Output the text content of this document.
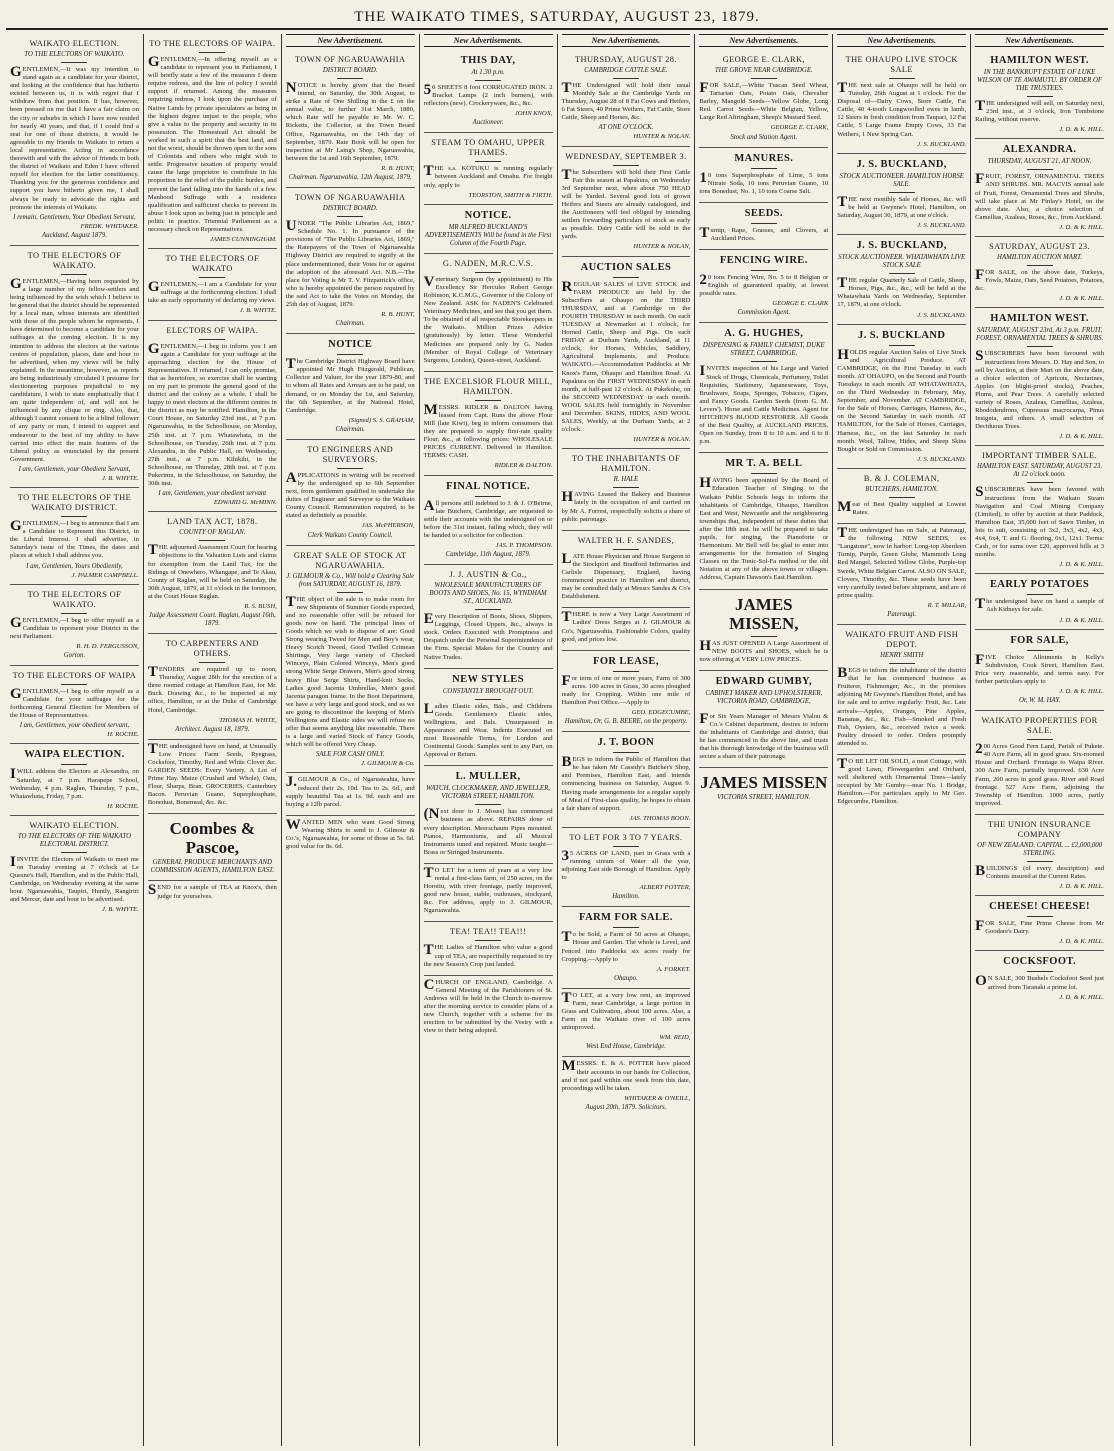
THE WAIKATO TIMES, SATURDAY, AUGUST 23, 1879.
WAIKATO ELECTION.
TO THE ELECTORS OF WAIKATO.

GENTLEMEN,—It was my intention to stand again as a candidate for your district, and looking at the confidence that has hitherto existed between us, it is with regret that I withdraw from that position. It has, however, been pressed on me that I have a fair claim on the city or suburbs in which I have now resided for nearly 40 years, and that, if I could find a seat for one of those districts, it would be agreeable to my friends in Waikato to return a local representative. Acting in accordance therewith and with the advice of friends in both the district of Waikato and Eden I have offered myself for election for the latter constituency. Thanking you for the generous confidence and support you have hitherto given me, I shall always be ready to advocate the rights and promote the interests of Waikato.

I remain, Gentlemen, Your Obedient Servant,

FREDK. WHITAKER.
Auckland, August 1879.
TO THE ELECTORS OF WAIKATO.

GENTLEMEN,—Having been requested by a large number of my fellow-settlers and being influenced by the wish which I believe to be general that the district should be represented by a local man, whose interests are identified with those of the people whom he represents, I have determined to become a candidate for your suffrages at the coming election. It is my intention to address the electors at the various centres of population, places, date and hour to be advertised, when my views will be fully explained. In the meantime, however, as reports are being industriously circulated I presume for electioneering purposes prejudicial to my candidature, I wish to state emphatically that I am quite independent of, and will not be influenced by any clique or ring. Also, that, although I cannot consent to be a blind follower of any party or man, I intend to support and endeavour to the best of my ability to have carried into effect the main features of the Liberal policy as enunciated by the present Government.

I am, Gentlemen, your Obedient Servant,

J. B. WHYTE.
TO THE ELECTORS OF THE WAIKATO DISTRICT.

GENTLEMEN,—I beg to announce that I am a Candidate to Represent this District, in the Liberal Interest. I shall advertise, in Saturday's issue of the Times, the dates and places at which I shall address you.

I am, Gentlemen, Yours Obediently,

J. PALMER CAMPBELL.
TO THE ELECTORS OF WAIKATO.

GENTLEMEN,—I beg to offer myself as a Candidate to represent your District in the next Parliament.

R. H. D. FERGUSSON,
Gorton.
TO THE ELECTORS OF WAIPA

GENTLEMEN,—I beg to offer myself as a Candidate for your suffrages for the forthcoming General Election for Members of the House of Representatives.

I am, Gentlemen, your obedient servant,

H. ROCHE.
WAIPA ELECTION.

IWILL address the Electors at Alexandra, on Saturday, at 7 p.m. Harapepe School, Wednesday, 4 p.m. Raglan, Thursday, 7 p.m., Whatawhata, Friday, 7 p.m.

H. ROCHE.
WAIKATO ELECTION.
TO THE ELECTORS OF THE WAIKATO ELECTORAL DISTRICT.

IINVITE the Electors of Waikato to meet me on Tuesday evening at 7 o'clock at Le Quesne's Hall, Hamilton, and in the Public Hall, Cambridge, on Wednesday evening at the same hour. Ngaruawahia, Taupiri, Huntly, Rangiriri and Mercer, date and hour to be advertised.

J. B. WHYTE.
TO THE ELECTORS OF WAIPA.

GENTLEMEN,—In offering myself as a candidate to represent you in Parliament, I will briefly state a few of the measures I deem require redress, and the line of policy I would support if returned. Among the measures requiring redress, I look upon the purchase of Native Lands by private speculators as being in the highest degree unjust to the people, who give a value to the property and security in its possession. The Homestead Act should be worked in such a spirit that the best land, and not the worst, should be thrown open to the sons of Colonists and others who might wish to settle. Progressive taxation of property would cause the large proprietor to contribute in his proportion to the relief of the public burden, and prevent the land falling into the hands of a few. Manhood Suffrage with a residence qualification and sufficient checks to prevent its abuse I look upon as being just in principle and politic in practice. Triennial Parliament as a necessary check on Representatives.

JAMES CUNNINGHAM.
TO THE ELECTORS OF WAIKATO

GENTLEMEN,—I am a Candidate for your suffrage at the forthcoming election. I shall take an early opportunity of declaring my views.

J. B. WHYTE.
ELECTORS OF WAIPA.

GENTLEMEN,—I beg to inform you I am again a Candidate for your suffrage at the approaching election for the House of Representatives. If returned, I can only promise, that as heretofore, so exercise shall be wanting on my part to promote the general good of the district and the colony as a whole. I shall be happy to meet electors at the different centres in the district as may be notified. Hamilton, in the Court House, on Saturday 23rd inst., at 7 p.m. Ngaruawahia, in the Schoolhouse, on Monday, 25th inst. at 7 p.m. Whatawhata, in the Schoolhouse, on Tuesday, 26th inst. at 7 p.m. Alexandra, in the Public Hall, on Wednesday, 27th inst., at 7 p.m. Kihikihi, in the Schoolhouse, on Thursday, 28th inst. at 7 p.m. Pukerimu, in the Schoolhouse, on Saturday, the 30th inst.

I am, Gentlemen, your obedient servant

EDWARD G. McMINN.
LAND TAX ACT, 1878.
COUNTY OF RAGLAN.

THE adjourned Assessment Court for hearing objections to the Valuation Lists and claims for exemption from the Land Tax, for the Ridings of Onewhero, Whangape, and Te Akau, County of Raglan, will be held on Saturday, the 30th August, 1879, at 11 o'clock in the forenoon, at the Court House Raglan.

R. S. BUSH,
Judge Assessment Court. Raglan, August 16th, 1879.
TO CARPENTERS AND OTHERS.

TENDERS are required up to noon, Thursday, August 28th for the erection of a three roomed cottage at Hamilton East, for Mr. Buck. Drawing &c., to be inspected at my office, Hamilton, or at the Duke of Cambridge Hotel, Cambridge.

THOMAS H. WHITE,
Architect. August 18, 1879.

THE undersigned have on hand, at Unusually Low Prices: Farm Seeds, Ryegrass, Cocksfoot, Timothy, Red and White Clover &c. GARDEN SEEDS: Every Variety. A Lot of Prime Hay. Maize (Crushed and Whole), Oats, Flour, Sharps, Bran. GROCERIES, Canterbury Bacon. Peruvian Guano, Superphosphate, Bonedust, Bonemeal, &c. &c.

Coombes & Pascoe,
GENERAL PRODUCE MERCHANTS AND COMMISSION AGENTS, HAMILTON EAST.

SEND for a sample of TEA at Knox's, then judge for yourselves.

New Advertisement.
TOWN OF NGARUAWAHIA
DISTRICT BOARD.

NOTICE is hereby given that the Board intend, on Saturday, the 30th August, to strike a Rate of One Shilling in the £ on the annual value, to further 31st March, 1880, which Rate will be payable to Mr. W. C. Ricketts, the Collector, at the Town Board Office, Ngaruawahia, on the 14th day of September, 1879. Rate Book will be open for inspection at Mr Laing's Shop, Ngaruawahia, between the 1st and 16th September, 1879.

R. B. HUNT,
Chairman. Ngaruawahia, 12th August, 1879.
TOWN OF NGARUAWAHIA
DISTRICT BOARD.

UNDER "The Public Libraries Act, 1869," Schedule No. 1. In pursuance of the provisions of "The Public Libraries Act, 1869," the Ratepayers of the Town of Ngaruawahia Highway District are required to signify at the place undermentioned, their Votes for or against the adoption of the aforesaid Act. N.B.—The place for Voting is Mr T. V. Fitzpatrick's office, who is hereby appointed the person required by the said Act to take the Votes on Monday, the 25th day of August, 1879.

R. B. HUNT,
Chairman.
NOTICE

The Cambridge District Highway Board have appointed Mr Hugh Fitzgerald, Publican, Collector and Valuer, for the year 1879-80, and to whom all Rates and Arrears are to be paid, on demand, or on Monday the 1st, and Saturday, the 6th September, at the National Hotel, Cambridge.

(Signed) S. S. GRAHAM,
Chairman.
TO ENGINEERS AND SURVEYORS.

APPLICATIONS in writing will be received by the undersigned up to 6th September next, from gentlemen qualified to undertake the duties of Engineer and Surveyor to the Waikato County Council. Remuneration required, to be stated as definitely as possible.

JAS. McPHERSON,
Clerk Waikato County Council.
GREAT SALE OF STOCK AT NGARUAWAHIA.
J. GILMOUR & Co., Will hold a Clearing Sale from SATURDAY, AUGUST 16, 1879.

THE object of the sale is to make room for new Shipments of Summer Goods expected, and no reasonable offer will be refused for goods now on hand. The principal lines of Goods which we wish to dispose of are: Good Strong wearing Tweed for Men and Boy's wear, Heavy Scotch Tweed, Good Twilled Crimean Shirtings, Very large variety of Checked Winceys, Plain Colored Winceys, Men's good strong White Serge Drawers, Men's good strong heavy Blue Serge Shirts, Hand-knit Socks, Ladies good Jacenta Umbrellas, Men's good Jacenta paragon frame. In the Boot Department, we have a very large and good stock, and as we are going to discontinue the keeping of Men's Wellingtons and Elastic sides we will refuse no offer that seems anything like reasonable. There is a large and varied Stock of Fancy Goods, which will be offered Very Cheap.

SALE FOR CASH ONLY.

J. GILMOUR & Co.

J.GILMOUR & Co., of Ngaruawahia, have reduced their 2s. 10d. Tea to 2s. 6d., and supply beautiful Tea at 1s. 9d. each and are buying a 12lb parcel.

WANTED MEN who want Good Strong Wearing Shirts to send to J. Gilmour & Co.'s, Ngaruawahia, for some of those at 5s. 6d. good value for 8s. 6d.

New Advertisements.
THIS DAY,
At 1.30 p.m.

50 SHEETS 8 foot CORRUGATED IRON. 2 Bracket Lamps (2 inch burners), with reflectors (new). Crockeryware, &c., &c.

JOHN KNOX,
Auctioneer.
STEAM TO OMAHU, UPPER THAMES.

THE s.s. KOTUKU is running regularly between Auckland and Omahu. For freight only, apply to

TEORSTON, SMITH & FIRTH.
NOTICE.
MR ALFRED BUCKLAND'S ADVERTISEMENTS Will be found in the First Column of the Fourth Page.
G. NADEN, M.R.C.V.S.

Veterinary Surgeon (by appointment) to His Excellency Sir Hercules Robert George Robinson, K.C.M.G., Governor of the Colony of New Zealand. ASK for NADEN'S Celebrated Veterinary Medicines, and see that you get them. To be obtained of all respectable Storekeepers in the Waikato. Million Prizes Advice (gratuitously) by letter. These Wonderful Medicines are prepared only by G. Naden (Member of Royal College of Veterinary Surgeons, London), Queen-street, Auckland.

THE EXCELSIOR FLOUR MILL, HAMILTON.

MESSRS. RIDLER & DALTON having leased from Capt. Runs the above Flour Mill (late Kiwi), beg to inform consumers that they are prepared to supply first-rate quality Flour, &c., at following prices: WHOLESALE PRICES CURRENT. Delivered in Hamilton. TERMS: CASH.

RIDLER & DALTON.
FINAL NOTICE.

All persons still indebted to J. & J. O'Beirne, late Butchers, Cambridge, are requested to settle their accounts with the undersigned on or before the 31st instant, failing which, they will be handed to a solicitor for collection.

JAS. P. THOMPSON.
Cambridge, 11th August, 1879.
J. J. AUSTIN & Co.,
WHOLESALE MANUFACTURERS OF BOOTS AND SHOES, No. 15, WYNDHAM ST., AUCKLAND.

Every Description of Boots, Shoes, Slippers, Leggings, Closed Uppers, &c., always in stock. Orders Executed with Promptness and Despatch under the Personal Superintendence of the Firm. Special Makes for the Country and Native Trades.

NEW STYLES
CONSTANTLY BROUGHT OUT.

Ladies Elastic sides, Bals., and Childrens Goods. Gentlemen's Elastic sides, Wellingtons, and Bals. Unsurpassed in Appearance and Wear. Indents Executed on most Reasonable Terms, for London and Continental Goods. Samples sent to any Part, on Approval or Return.

L. MULLER,
WATCH, CLOCKMAKER, AND JEWELLER, VICTORIA STREET, HAMILTON.

(Next door to J. Moses) has commenced business as above. REPAIRS done of every description. Meerschaum Pipes mounted. Pianos, Harmoniums, and all Musical Instruments tuned and repaired. Music taught—Brass or Stringed Instruments.

TO LET for a term of years at a very low rental a first-class farm, of 250 acres, on the Horotiu, with river frontage, partly improved, good new house, stable, outhouses, stockyard, &c. For address, apply to J. GILMOUR, Ngaruawahia.

TEA! TEA!! TEA!!!

THE Ladies of Hamilton who value a good cup of TEA, are respectfully requested to try the new Season's Crop just landed.

CHURCH OF ENGLAND, Cambridge. A General Meeting of the Parishioners of St. Andrews will be held in the Church to-morrow after the morning service to consider plans of a new Church, together with a scheme for its erection to be submitted by the Vestry with a view to their being adopted.

New Advertisements.
THURSDAY, AUGUST 28.
CAMBRIDGE CATTLE SALE.

THE Undersigned will hold their usual Monthly Sale at the Cambridge Yards on Thursday, August 28 of 8 Fat Cows and Heifers, 6 Fat Steers, 40 Prime Wethers, Fat Cattle, Store Cattle, Sheep and Horses, &c.

AT ONE O'CLOCK.

HUNTER & NOLAN.
WEDNESDAY, SEPTEMBER 3.

The Subscribers will hold their First Cattle Fair this season at Papakura, on Wednesday 3rd September next, when about 750 HEAD will be Yarded. Several good lots of grown Heifers and Steers are already catalogued, and the Auctioneers will feel obliged by intending settlers forwarding particulars of stock as early as possible. Dairy Cattle will be sold in the yards.

HUNTER & NOLAN,
AUCTION SALES

REGULAR SALES of LIVE STOCK and FARM PRODUCE are held by the Subscribers at Ohaupo on the THIRD THURSDAY, and at Cambridge on the FOURTH THURSDAY in each month. On each TUESDAY at Newmarket at 1 o'clock, for Horned Cattle, Sheep and Pigs. On each FRIDAY at Durham Yards, Auckland, at 11 o'clock, for Horses, Vehicles, Saddlery, Agricultural Implements, and Produce. WAIKATO.—Accommodation Paddocks at Mr Knox's Farm, Ohaupo and Hamilton Road. At Papakura on the FIRST WEDNESDAY in each month, at half-past 12 o'clock. At Pukekohe, on the SECOND WEDNESDAY in each month. WOOL SALES held fortnightly in November and December. SKINS, HIDES, AND WOOL SALES, Weekly, at the Durham Yards, at 2 o'clock.

HUNTER & NOLAN.
TO THE INHABITANTS OF HAMILTON.
R. HALE

HAVING Leased the Bakery and Business lately in the occupation of and carried on by Mr A. Forrest, respectfully solicits a share of public patronage.

WALTER H. F. SANDES,

LATE House Physician and House Surgeon to the Stockport and Bradford Infirmaries and Carlisle Dispensary, England, having commenced practice in Hamilton and district, may be consulted daily at Messrs Sandes & Co's Establishment.

THERE is now a Very Large Assortment of Ladies' Dress Serges at J. GILMOUR & Co's, Ngaruawahia. Fashionable Colors, quality good, and prices low.

FOR LEASE,

For term of one or more years, Farm of 300 acres. 100 acres in Grass, 30 acres ploughed ready for Cropping. Within one mile of Hamilton Post Office.—Apply to

GEO. EDGECUMBE,
Hamilton, Or, G. B. BEERE, on the property.
J. T. BOON

BEGS to inform the Public of Hamilton that he has taken Mr Cassidy's Butcher's Shop, and Premises, Hamilton East, and intends commencing business on Saturday, August 9. Having made arrangements for a regular supply of Meat of First-class quality, he hopes to obtain a fair share of support.

JAS. THOMAS BOON.
TO LET FOR 3 TO 7 YEARS.

35 ACRES OF LAND, part in Grass with a running stream of Water all the year, adjoining East side Borough of Hamilton. Apply to

ALBERT POTTER,
Hamilton.
FARM FOR SALE.

To be Sold, a Farm of 50 acres at Ohaupo, House and Garden. The whole is Level, and Fenced into Paddocks six acres ready for Cropping.—Apply to

A. FORKET.
Ohaupo.

TO LET, at a very low rent, an improved Farm, near Cambridge, a large portion in Grass and Cultivation, about 100 acres. Also, a Farm on the Waikato river of 100 acres unimproved.

WM. REID,
West End House, Cambridge.

MESSRS. E. & A. POTTER have placed their accounts in our hands for Collection, and if not paid within one week from this date, proceedings will be taken.

WHITAKER & O'NEILL,
August 20th, 1879. Solicitors.
New Advertisements.
GEORGE E. CLARK,
THE GROVE NEAR CAMBRIDGE.

FOR SALE,—White Tuscan Seed Wheat, Tartarian Oats, Potato Oats, Chevalier Barley, Mangold Seeds—Yellow Globe, Long Red. Carrot Seeds—White Belgian, Yellow, Large Red Altringham, Sheep's Mustard Seed.

GEORGE E. CLARK,
Stock and Station Agent.
MANURES.

10 tons Superphosphate of Lime, 5 tons Nitrate Soda, 10 tons Peruvian Guano, 10 tons Bonedust, No. 1, 10 tons Coarse Salt.

SEEDS.

Turnip, Rape, Grasses, and Clovers, at Auckland Prices.

FENCING WIRE.

20 tons Fencing Wire, No. 5 to 8 Belgian or English of guaranteed quality, at lowest possible rates.

GEORGE E. CLARK
Commission Agent.
A. G. HUGHES,
DISPENSING & FAMILY CHEMIST, DUKE STREET, CAMBRIDGE,

INVITES inspection of his Large and Varied Stock of Drugs, Chemicals, Perfumery, Toilet Requisites, Stationery, Japaneseware, Toys, Brushware, Soaps, Sponges, Tobacco, Cigars, and Fancy Goods. Garden Seeds (from G. M. Levers'). Horse and Cattle Medicines. Agent for HITCHEN'S BLOOD RESTORER. All Goods of the Best Quality, at AUCKLAND PRICES. Open on Sunday, from 8 to 10 a.m. and 6 to 8 p.m.

MR T. A. BELL

HAVING been appointed by the Board of Education Teacher of Singing to the Waikato Public Schools begs to inform the inhabitants of Cambridge, Ohaupo, Hamilton East and West, Newcastle and the neighbouring townships that, independent of these duties that after the 18th inst. he will be prepared to take pupils, for singing, the Pianoforte or Harmonium. Mr Bell will be glad to enter into arrangements for the formation of Singing Classes on the Tonic-Sol-Fa method or the old Notation at any of the above towns or villages. Address, Captain Dawson's East Hamilton.

JAMES MISSEN,

HAS JUST OPENED A Large Assortment of NEW BOOTS and SHOES, which he is now offering at VERY LOW PRICES.

EDWARD GUMBY,
CABINET MAKER AND UPHOLSTERER, VICTORIA ROAD, CAMBRIDGE,

For Six Years Manager of Messrs Vialou & Co.'s Cabinet department, desires to inform the inhabitants of Cambridge and district, that he has commenced in the above line, and trusts that his thorough knowledge of the business will secure a share of their patronage.

JAMES MISSEN
VICTORIA STREET, HAMILTON.
New Advertisements.
THE OHAUPO LIVE STOCK SALE

THE next sale at Ohaupo will be held on Tuesday, 26th August at 1 o'clock. For the Disposal of—Dairy Cows, Store Cattle, Fat Cattle, 40 4-tooth Longwoolled ewes in lamb, 12 Steers in fresh condition from Taupari, 12 Fat Cattle, 5 Large Frame Empty Cows, 33 Fat Wethers, 1 New Spring Cart.

J. S. BUCKLAND.
J. S. BUCKLAND,
STOCK AUCTIONEER. HAMILTON HORSE SALE.

THE next monthly Sale of Horses, &c. will be held at Gwynne's Hotel, Hamilton, on Saturday, August 30, 1879, at one o'clock.

J. S. BUCKLAND.
J. S. BUCKLAND,
STOCK AUCTIONEER. WHATAWHATA LIVE STOCK SALE

THE regular Quarterly Sale of Cattle, Sheep, Horses, Pigs, &c., &c., will be held at the Whatawhata Yards on Wednesday, September 17, 1879, at one o'clock.

J. S. BUCKLAND.
J. S. BUCKLAND

HOLDS regular Auction Sales of Live Stock and Agricultural Produce. AT CAMBRIDGE, on the First Tuesday in each month. AT OHAUPO, on the Second and Fourth Tuesdays in each month. AT WHATAWHATA, on the Third Wednesday in February, May, September, and November. AT CAMBRIDGE, for the Sale of Horses, Carriages, Harness, &c., on the Second Saturday in each month. AT HAMILTON, for the Sale of Horses, Carriages, Harness, &c., on the last Saturday in each month. Wool, Tallow, Hides, and Sheep Skins Bought or Sold on Commission.

J. S. BUCKLAND.
B. & J. COLEMAN,
BUTCHERS, HAMILTON.

Meat of Best Quality supplied at Lowest Rates.

THE undersigned has on Sale, at Pateraugi, the following NEW SEEDS, ex "Langstone", now in harbor: Long-top Aberdeen Turnip, Purple, Green Globe, Mammoth Long Red Mangel, Selected Yellow Globe, Purple-top Swede, White Belgian Carrot. ALSO ON SALE, Clovers, Timothy, &c. These seeds have been very carefully tested before shipment, and are of prime quality.

R. T. MILLAR,
Pateraugi.
WAIKATO FRUIT AND FISH DEPOT.
HENRY SMITH

BEGS to inform the inhabitants of the district that he has commenced business as Fruiterer, Fishmonger, &c., in the premises adjoining Mr Gwynne's Hamilton Hotel, and has for sale and to arrive regularly: Fruit, &c. Late arrivals—Apples, Oranges, Pine Apples, Bananas, &c., &c. Fish—Smoked and Fresh Fish, Oysters, &c., received twice a week. Poultry dressed to order. Orders promptly attended to.

TO BE LET OR SOLD, a neat Cottage, with good Lawn, Flowergarden and Orchard, well sheltered with Ornamental Trees—lately occupied by Mr Gumby—near No. 1 Bridge, Hamilton.—For particulars apply to Mr Geo. Edgecumbe, Hamilton.

New Advertisements.
HAMILTON WEST.
IN THE BANKRUPT ESTATE OF LUKE WILSON OF TE AWAMUTU. BY ORDER OF THE TRUSTEES.

THE undersigned will sell, on Saturday next, 23rd inst., at 3 o'clock, Iron Tombstone Railing, without reserve.

J. D. & K. HILL.
ALEXANDRA.
THURSDAY, AUGUST 21, AT NOON.

FRUIT, FOREST, ORNAMENTAL TREES AND SHRUBS. MR. MACVIS annual sale of Fruit, Forest, Ornamental Trees and Shrubs, will take place at Mr Finlay's Hotel, on the above date. Also, a choice selection of Camellias, Azaleas, Roses, &c., from Auckland.

J. D. & K. HILL.
SATURDAY, AUGUST 23.
HAMILTON AUCTION MART.

FOR SALE, on the above date, Turkeys, Fowls, Maize, Oats, Seed Potatoes, Potatoes, &c.

J. D. & K. HILL.
HAMILTON WEST.
SATURDAY, AUGUST 23rd, At 3 p.m. FRUIT, FOREST, ORNAMENTAL TREES & SHRUBS.

SUBSCRIBERS have been favoured with instructions from Messrs. D. Hay and Son, to sell by Auction, at their Mart on the above date, a choice selection of Apricots, Nectarines, Apples (on blight-proof stocks), Peaches, Plums, and Pear Trees. A carefully selected variety of Roses, Azaleas, Camellias, Azaleas, Rhododendrons, Cupressus macrocarpa, Pinus Insignia, and others. A small selection of Deciduous Trees.

J. D. & K. HILL.
IMPORTANT TIMBER SALE.
HAMILTON EAST. SATURDAY, AUGUST 23. At 12 o'clock noon.

SUBSCRIBERS have been favored with instructions from the Waikato Steam Navigation and Coal Mining Company (Limited), to offer by auction at their Paddock, Hamilton East, 35,000 feet of Sawn Timber, in lots to suit, consisting of 3x2, 3x3, 4x2, 4x3, 4x4, 6x4, T. and G. flooring, 6x1, 12x1. Terms: Cash, or for sums over £20, approved bills at 3 months.

J. D. & K. HILL.
EARLY POTATOES

The undersigned have on hand a sample of Ash Kidneys for sale.

J. D. & K. HILL.
FOR SALE,

FIVE Choice Allotments in Kelly's Subdivision, Cook Street, Hamilton East. Price very reasonable, and terms easy. For further particulars apply to

J. D. & K. HILL.
Or, W. M. HAY.
WAIKATO PROPERTIES FOR SALE.

200 Acres Good Fern Land, Parish of Pukete. 40 Acre Farm, all in good grass. Six-roomed House and Orchard. Frontage to Waipa River. 300 Acre Farm, partially improved. 630 Acre Farm, 200 acres in good grass. River and Road frontage. 527 Acre Farm, adjoining the Township of Hamilton. 1000 acres, partly improved.

THE UNION INSURANCE COMPANY
OF NEW ZEALAND. CAPITAL ... £2,000,000 STERLING.

BUILDINGS (of every description) and Contents insured at the Current Rates.

J. D. & K. HILL.
CHEESE! CHEESE!

FOR SALE, Fine Prime Cheese from Mr Goodare's Dairy.

J. D. & K. HILL.
COCKSFOOT.

ON SALE, 300 Bushels Cocksfoot Seed just arrived from Taranaki a prime lot.

J. D. & K. HILL.
